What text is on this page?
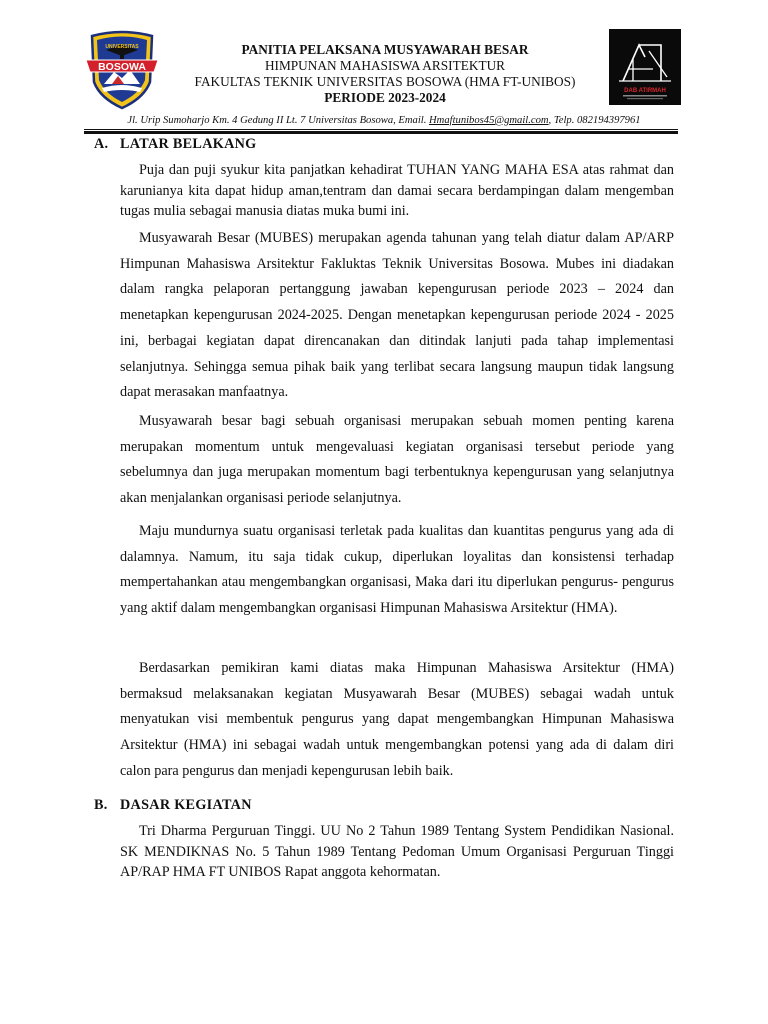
BOSOWA
UNIVERSITAS	PANITIA PELAKSANA MUSYAWARAH BESAR
HIMPUNAN MAHASISWA ARSITEKTUR
FAKULTAS TEKNIK UNIVERSITAS BOSOWA (HMA FT-UNIBOS)
PERIODE 2023-2024	DAB ATIRMAH
Jl. Urip Sumoharjo Km. 4 Gedung II Lt. 7 Universitas Bosowa, Email. Hmaftunibos45@gmail.com, Telp. 082194397961
A. LATAR BELAKANG

Puja dan puji syukur kita panjatkan kehadirat TUHAN YANG MAHA ESA atas rahmat dan karunianya kita dapat hidup aman,tentram dan damai secara berdampingan dalam mengemban tugas mulia sebagai manusia diatas muka bumi ini.

Musyawarah Besar (MUBES) merupakan agenda tahunan yang telah diatur dalam AP/ARP Himpunan Mahasiswa Arsitektur Fakluktas Teknik Universitas Bosowa. Mubes ini diadakan dalam rangka pelaporan pertanggung jawaban kepengurusan periode 2023 – 2024 dan menetapkan kepengurusan 2024-2025. Dengan menetapkan kepengurusan periode 2024 - 2025 ini, berbagai kegiatan dapat direncanakan dan ditindak lanjuti pada tahap implementasi selanjutnya. Sehingga semua pihak baik yang terlibat secara langsung maupun tidak langsung dapat merasakan manfaatnya.

Musyawarah besar bagi sebuah organisasi merupakan sebuah momen penting karena merupakan momentum untuk mengevaluasi kegiatan organisasi tersebut periode yang sebelumnya dan juga merupakan momentum bagi terbentuknya kepengurusan yang selanjutnya akan menjalankan organisasi periode selanjutnya.

Maju mundurnya suatu organisasi terletak pada kualitas dan kuantitas pengurus yang ada di dalamnya. Namum, itu saja tidak cukup, diperlukan loyalitas dan konsistensi terhadap mempertahankan atau mengembangkan organisasi, Maka dari itu diperlukan pengurus- pengurus yang aktif dalam mengembangkan organisasi Himpunan Mahasiswa Arsitektur (HMA).

Berdasarkan pemikiran kami diatas maka Himpunan Mahasiswa Arsitektur (HMA) bermaksud melaksanakan kegiatan Musyawarah Besar (MUBES) sebagai wadah untuk menyatukan visi membentuk pengurus yang dapat mengembangkan Himpunan Mahasiswa Arsitektur (HMA) ini sebagai wadah untuk mengembangkan potensi yang ada di dalam diri calon para pengurus dan menjadi kepengurusan lebih baik.

B. DASAR KEGIATAN

Tri Dharma Perguruan Tinggi. UU No 2 Tahun 1989 Tentang System Pendidikan Nasional. SK MENDIKNAS No. 5 Tahun 1989 Tentang Pedoman Umum Organisasi Perguruan Tinggi AP/RAP HMA FT UNIBOS Rapat anggota kehormatan.
